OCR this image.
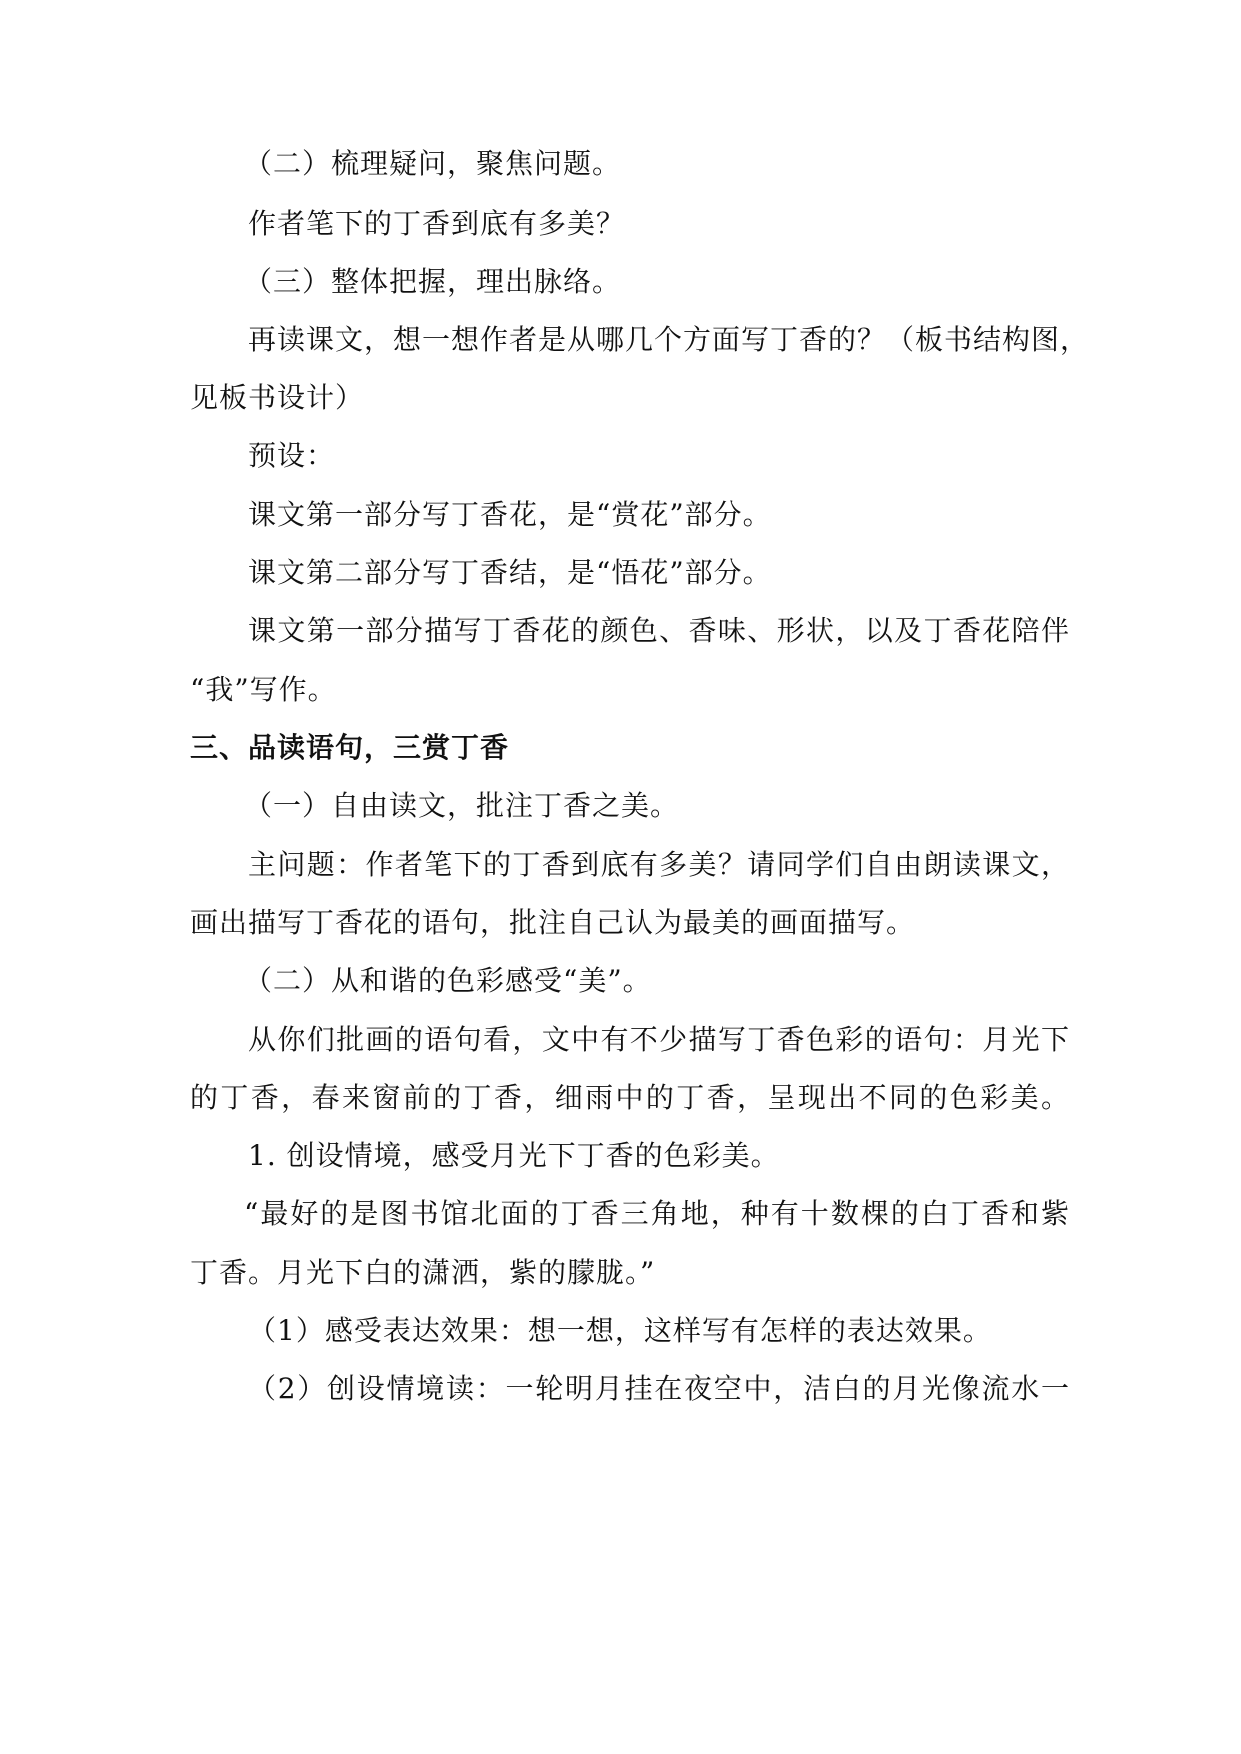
（二）梳理疑问，聚焦问题。
作者笔下的丁香到底有多美？
（三）整体把握，理出脉络。
再读课文，想一想作者是从哪几个方面写丁香的？（板书结构图，
见板书设计）
预设：
课文第一部分写丁香花，是“赏花”部分。
课文第二部分写丁香结，是“悟花”部分。
课文第一部分描写丁香花的颜色、香味、形状，以及丁香花陪伴
“我”写作。
三、品读语句，三赏丁香
（一）自由读文，批注丁香之美。
主问题：作者笔下的丁香到底有多美？请同学们自由朗读课文，
画出描写丁香花的语句，批注自己认为最美的画面描写。
（二）从和谐的色彩感受“美”。
从你们批画的语句看，文中有不少描写丁香色彩的语句：月光下
的丁香，春来窗前的丁香，细雨中的丁香，呈现出不同的色彩美。
1. 创设情境，感受月光下丁香的色彩美。
“最好的是图书馆北面的丁香三角地，种有十数棵的白丁香和紫
丁香。月光下白的潇洒，紫的朦胧。”
（1）感受表达效果：想一想，这样写有怎样的表达效果。
（2）创设情境读：一轮明月挂在夜空中，洁白的月光像流水一
